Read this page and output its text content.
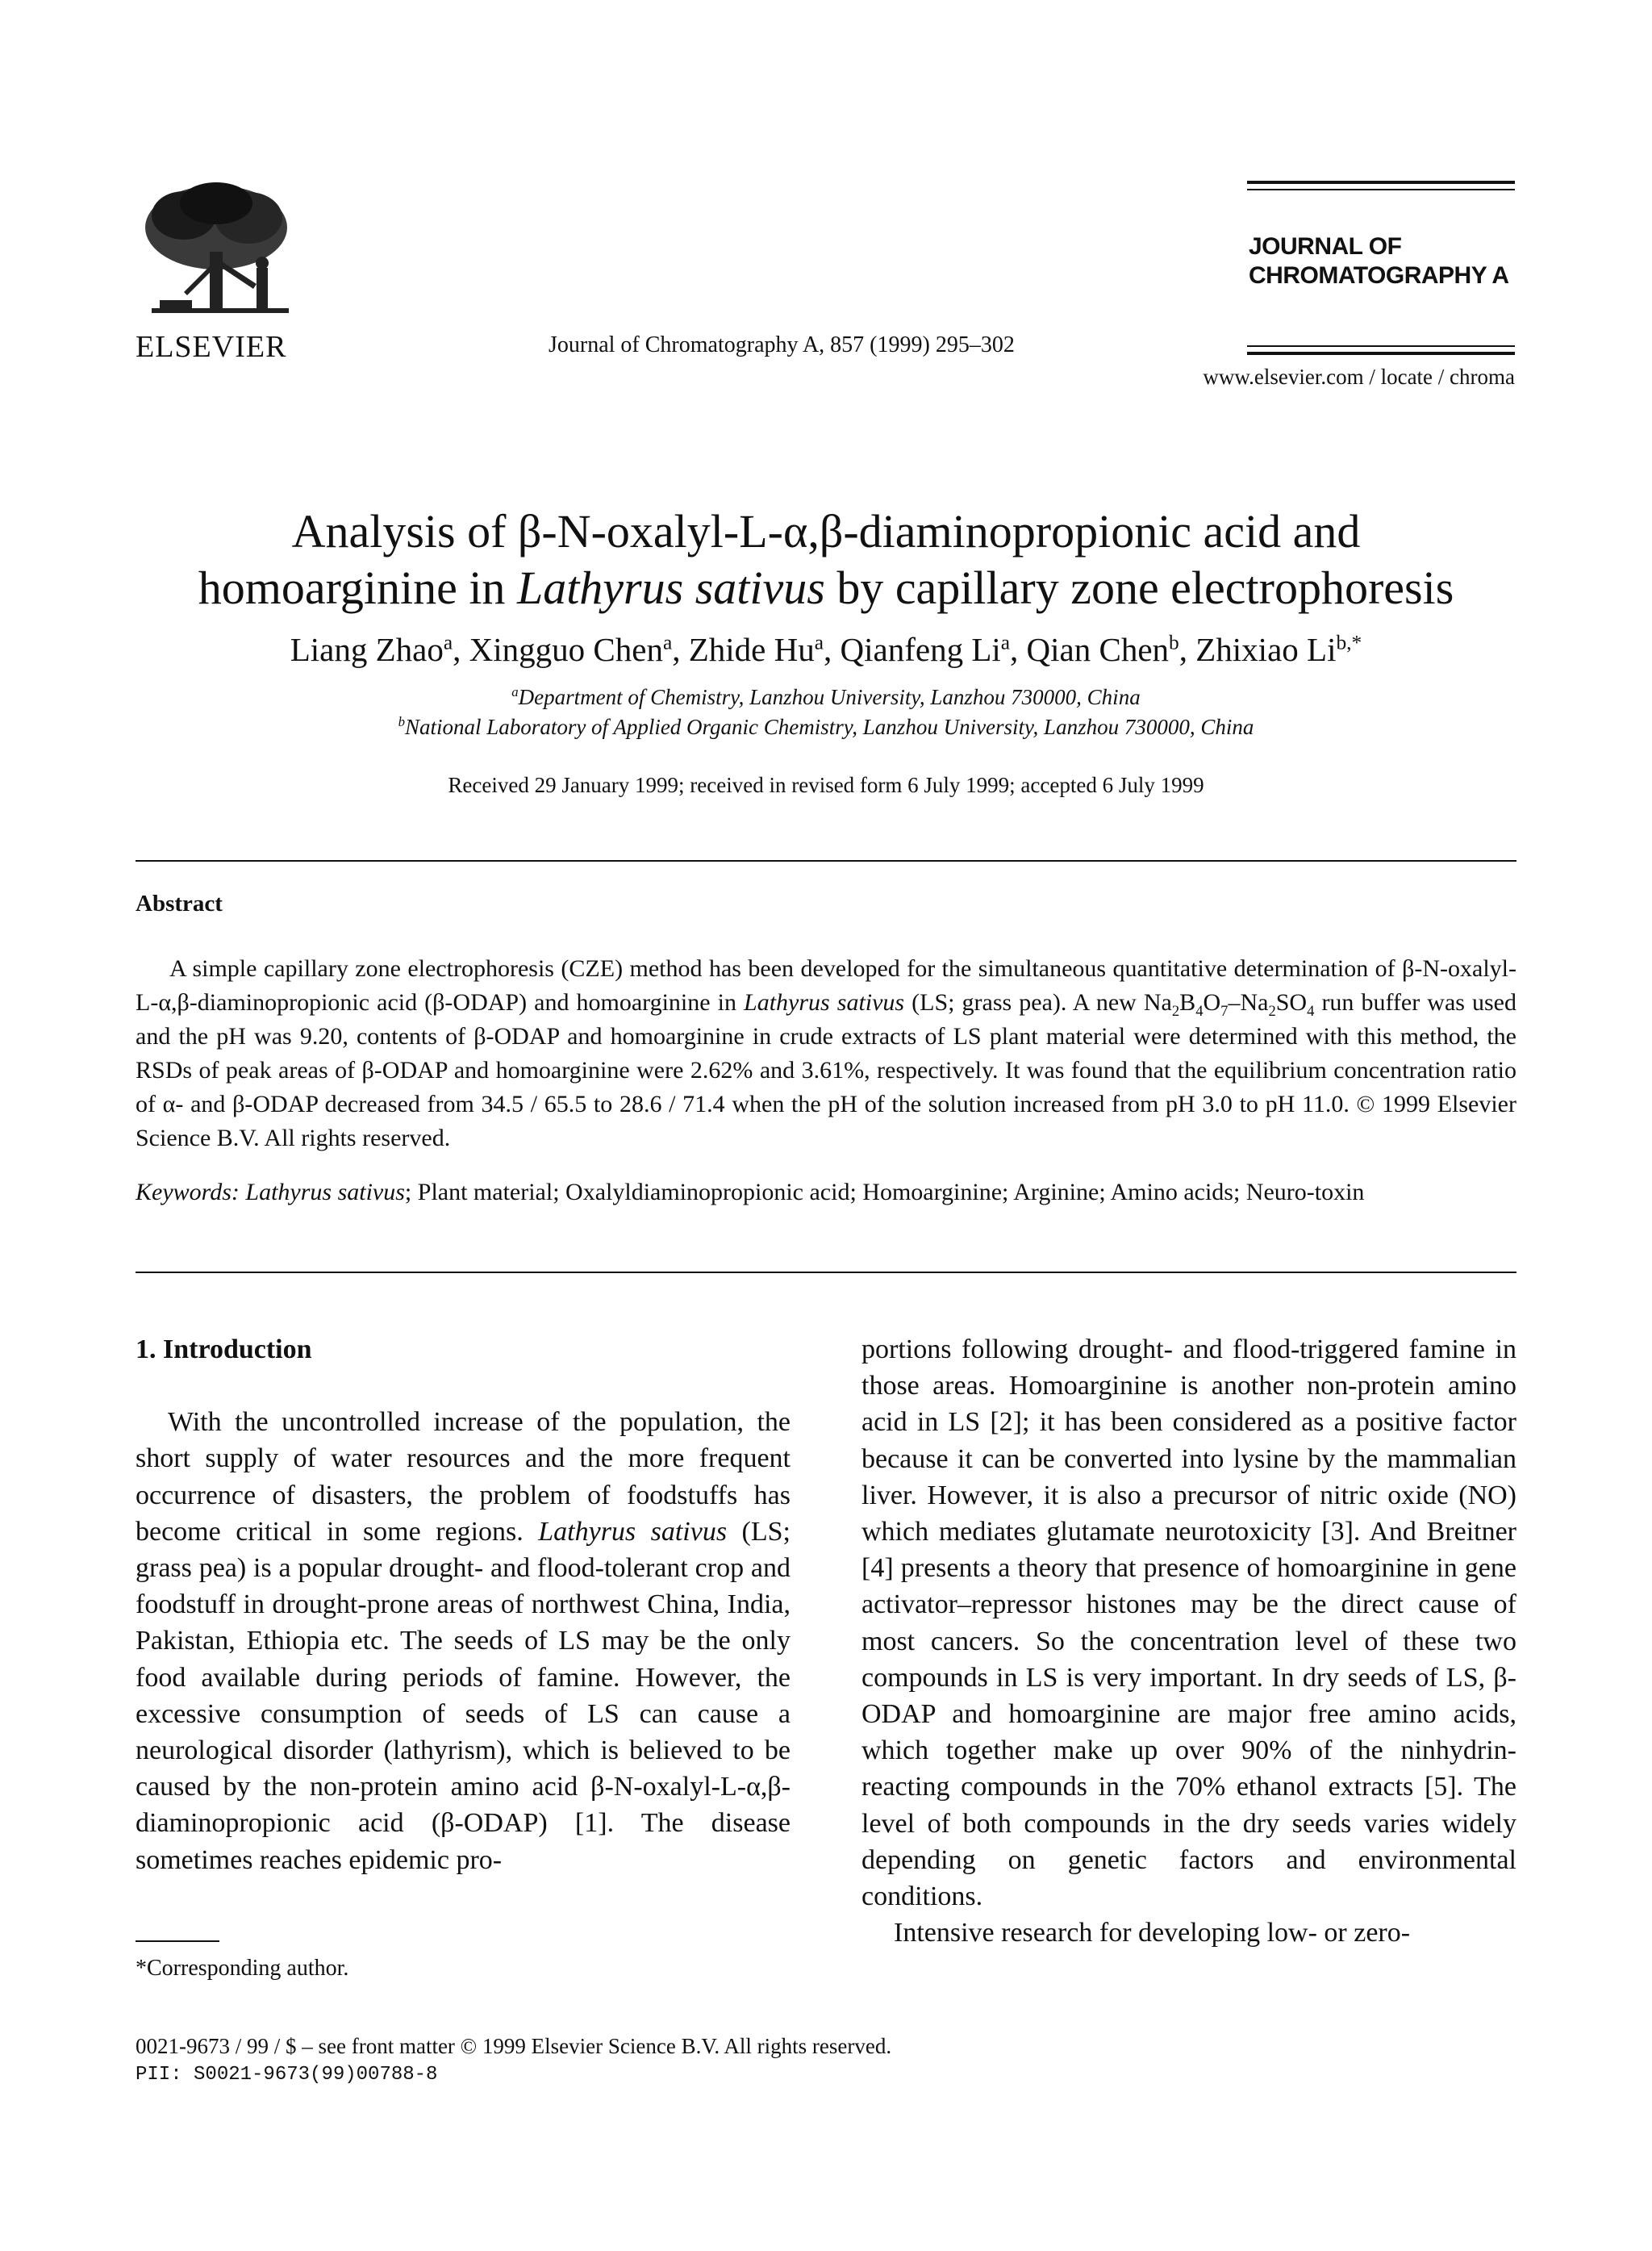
ELSEVIER	Journal of Chromatography A, 857 (1999) 295–302
JOURNAL OF
CHROMATOGRAPHY A
www.elsevier.com / locate / chroma
Analysis of β-N-oxalyl-L-α,β-diaminopropionic acid and
homoarginine in Lathyrus sativus by capillary zone electrophoresis
Liang Zhao$^a$, Xingguo Chen$^a$, Zhide Hu$^a$, Qianfeng Li$^a$, Qian Chen$^b$, Zhixiao $Li^{b,*}$
$^a$Department of Chemistry, Lanzhou University, Lanzhou 730000, China
$^b$National Laboratory of Applied Organic Chemistry, Lanzhou University, Lanzhou 730000, China
Received 29 January 1999; received in revised form 6 July 1999; accepted 6 July 1999
Abstract
A simple capillary zone electrophoresis (CZE) method has been developed for the simultaneous quantitative determination of β-N-oxalyl-L-α,β-diaminopropionic acid (β-ODAP) and homoarginine in Lathyrus sativus (LS; grass pea). A new $Na_2B_4O_7-Na_2SO_4$ run buffer was used and the pH was 9.20, contents of β-ODAP and homoarginine in crude extracts of LS plant material were determined with this method, the RSDs of peak areas of β-ODAP and homoarginine were 2.62% and 3.61%, respectively. It was found that the equilibrium concentration ratio of α- and β-ODAP decreased from 34.5 / 65.5 to 28.6 / 71.4 when the pH of the solution increased from pH 3.0 to pH 11.0. © 1999 Elsevier Science B.V. All rights reserved.
Keywords: Lathyrus sativus; Plant material; Oxalyldiaminopropionic acid; Homoarginine; Arginine; Amino acids; Neuro-toxin

1. Introduction

With the uncontrolled increase of the population, the short supply of water resources and the more frequent occurrence of disasters, the problem of foodstuffs has become critical in some regions. Lathyrus sativus (LS; grass pea) is a popular drought- and flood-tolerant crop and foodstuff in drought-prone areas of northwest China, India, Pakistan, Ethiopia etc. The seeds of LS may be the only food available during periods of famine. However, the excessive consumption of seeds of LS can cause a neurological disorder (lathyrism), which is believed to be caused by the non-protein amino acid β-N-oxalyl-L-α,β-diaminopropionic acid (β-ODAP) [1]. The disease sometimes reaches epidemic pro-

portions following drought- and flood-triggered famine in those areas. Homoarginine is another non-protein amino acid in LS [2]; it has been considered as a positive factor because it can be converted into lysine by the mammalian liver. However, it is also a precursor of nitric oxide (NO) which mediates glutamate neurotoxicity [3]. And Breitner [4] presents a theory that presence of homoarginine in gene activator–repressor histones may be the direct cause of most cancers. So the concentration level of these two compounds in LS is very important. In dry seeds of LS, β-ODAP and homoarginine are major free amino acids, which together make up over 90% of the ninhydrin-reacting compounds in the 70% ethanol extracts [5]. The level of both compounds in the dry seeds varies widely depending on genetic factors and environmental conditions.

Intensive research for developing low- or zero-

*Corresponding author.
0021-9673 / 99 / $ – see front matter © 1999 Elsevier Science B.V. All rights reserved.
PII: S0021-9673(99)00788-8
